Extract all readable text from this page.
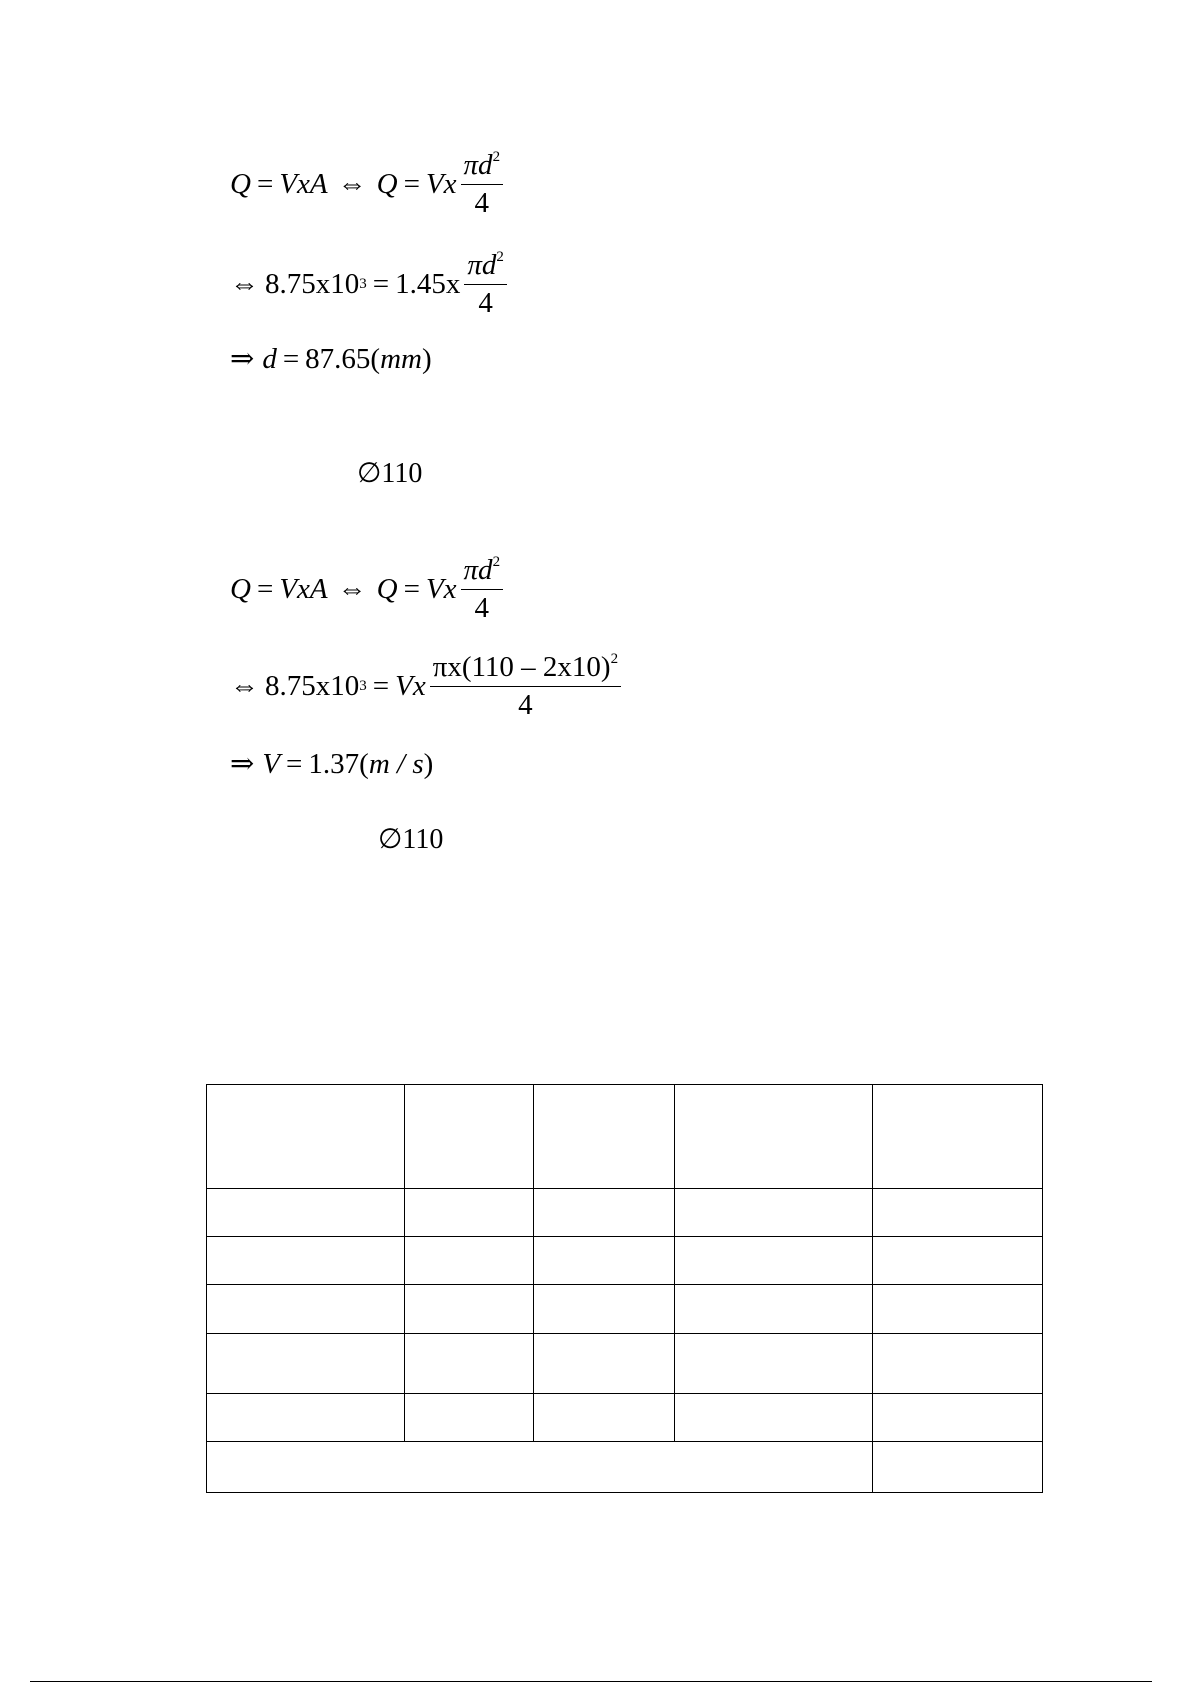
Q = VxA ⇔ Q = Vx $\frac{\pi d^2}{4}$
⇔ 8.75x10 $3 = 1.45x \frac{\pi d^2}{4}$
⇒ d = 87.65( mm )
∅110
Q = VxA ⇔ Q = Vx $\frac{\pi d^2}{4}$
⇔ 8.75x10 3 = Vx $\frac{\pi x(110 - 2x10)^2}{4}$
⇒ V = 1.37( m / s )
∅110
